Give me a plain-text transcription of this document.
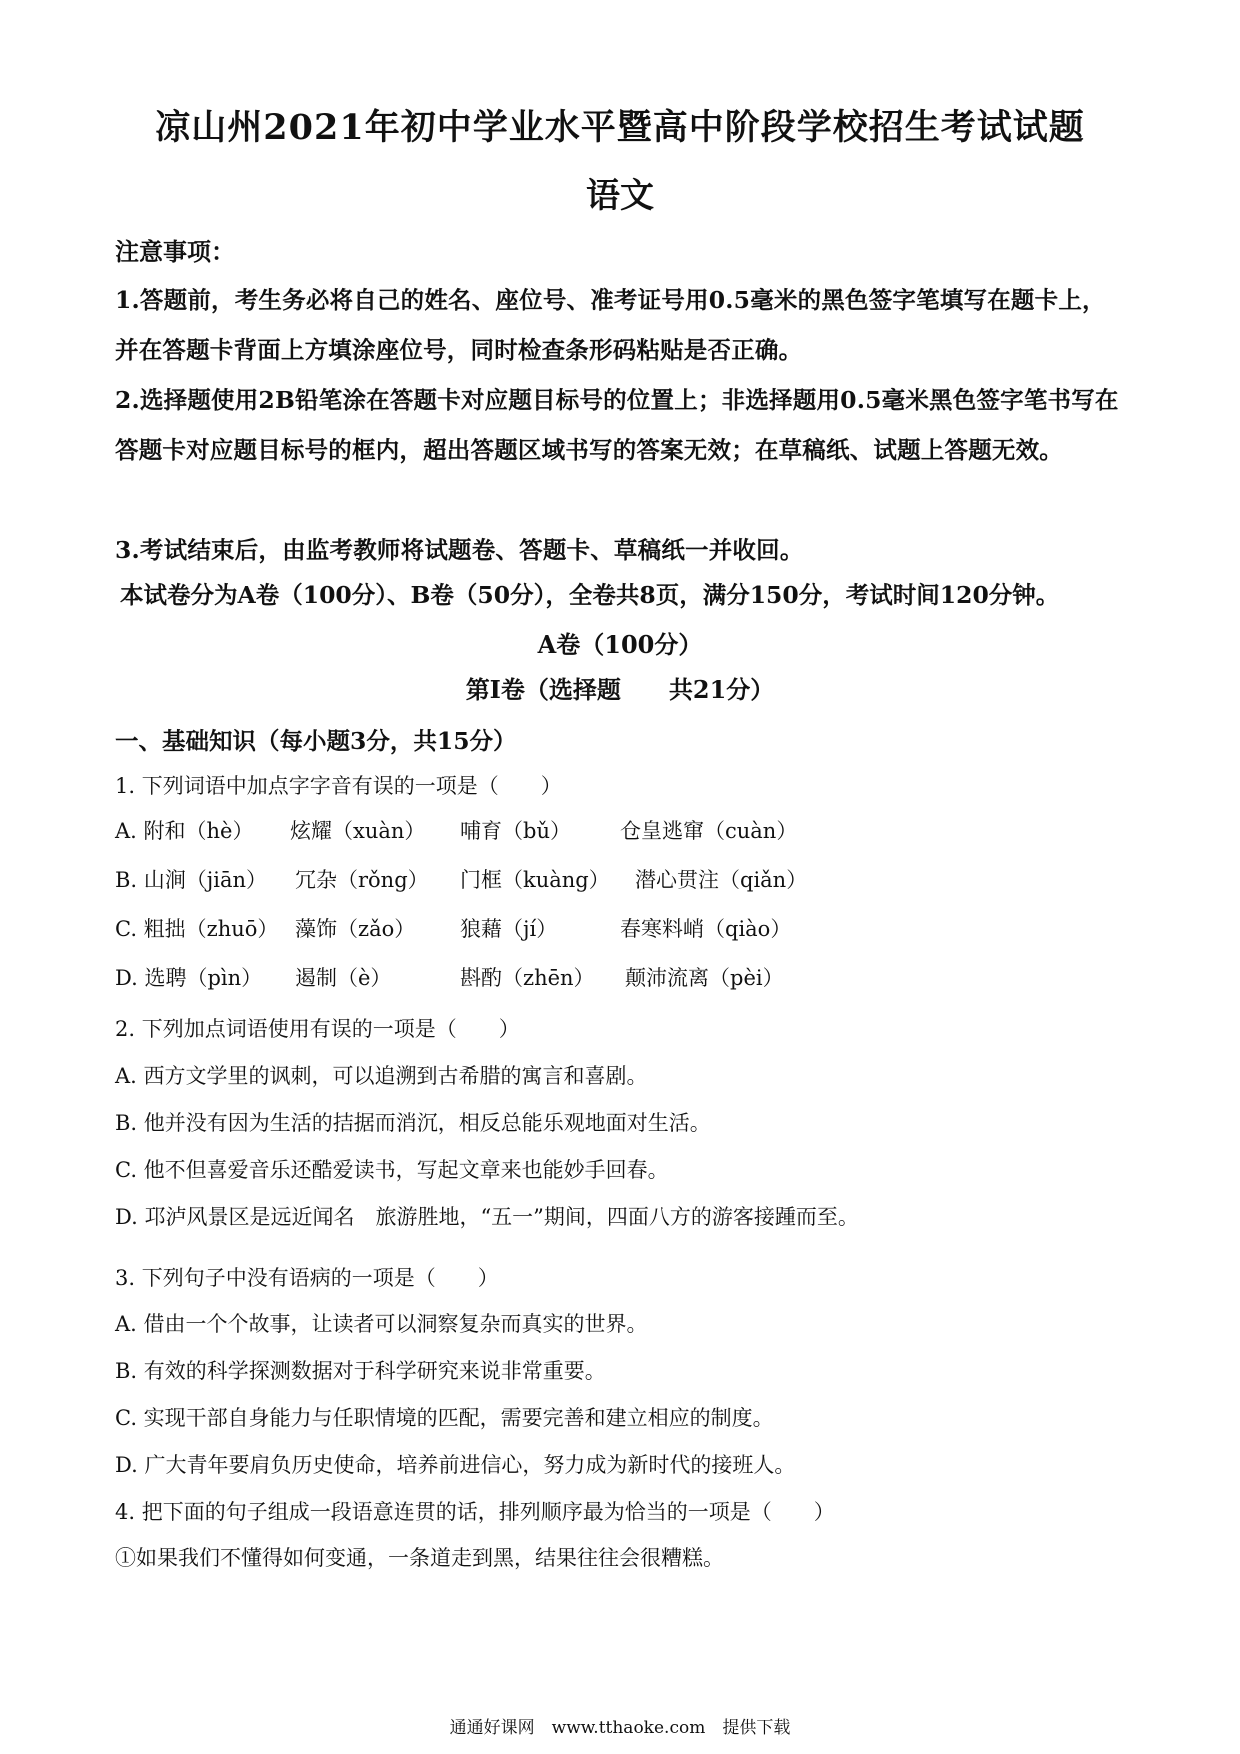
凉山州2021年初中学业水平暨高中阶段学校招生考试试题
语文
注意事项：
1.答题前，考生务必将自己的姓名、座位号、准考证号用0.5毫米的黑色签字笔填写在题卡上，并在答题卡背面上方填涂座位号，同时检查条形码粘贴是否正确。
2.选择题使用2B铅笔涂在答题卡对应题目标号的位置上；非选择题用0.5毫米黑色签字笔书写在答题卡对应题目标号的框内，超出答题区域书写的答案无效；在草稿纸、试题上答题无效。
3.考试结束后，由监考教师将试题卷、答题卡、草稿纸一并收回。
本试卷分为A卷（100分）、B卷（50分），全卷共8页，满分150分，考试时间120分钟。
A卷（100分）
第Ⅰ卷（选择题　　共21分）
一、基础知识（每小题3分，共15分）
1. 下列词语中加点字字音有误的一项是（　　）
A. 附和（hè） 炫耀（xuàn） 哺育（bǔ） 仓皇逃窜（cuàn）
B. 山涧（jiān） 冗杂（rǒng） 门框（kuàng） 潜心贯注（qiǎn）
C. 粗拙（zhuō） 藻饰（zǎo） 狼藉（jí）	春寒料峭（qiào）
D. 选聘（pìn） 遏制（è）	斟酌（zhēn） 颠沛流离（pèi）
2. 下列加点词语使用有误的一项是（　　）
A. 西方文学里的讽刺，可以追溯到古希腊的寓言和喜剧。
B. 他并没有因为生活的拮据而消沉，相反总能乐观地面对生活。
C. 他不但喜爱音乐还酷爱读书，写起文章来也能妙手回春。
D. 邛泸风景区是远近闻名　旅游胜地，“五一”期间，四面八方的游客接踵而至。
3. 下列句子中没有语病的一项是（　　）
A. 借由一个个故事，让读者可以洞察复杂而真实的世界。
B. 有效的科学探测数据对于科学研究来说非常重要。
C. 实现干部自身能力与任职情境的匹配，需要完善和建立相应的制度。
D. 广大青年要肩负历史使命，培养前进信心，努力成为新时代的接班人。
4. 把下面的句子组成一段语意连贯的话，排列顺序最为恰当的一项是（　　）
①如果我们不懂得如何变通，一条道走到黑，结果往往会很糟糕。
通通好课网　www.tthaoke.com　提供下载
